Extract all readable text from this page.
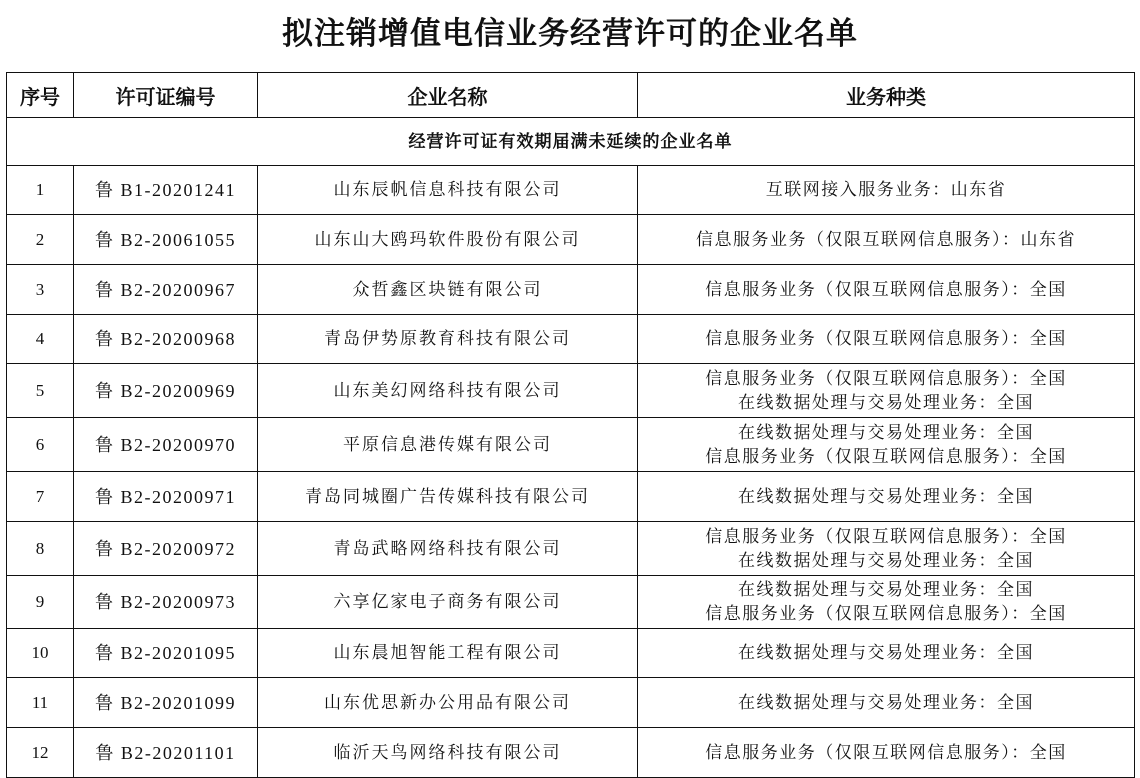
拟注销增值电信业务经营许可的企业名单
序号	许可证编号	企业名称	业务种类
经营许可证有效期届满未延续的企业名单			
1	鲁 B1-20201241	山东辰帆信息科技有限公司	互联网接入服务业务：山东省

2	鲁 B2-20061055	山东山大鸥玛软件股份有限公司	信息服务业务（仅限互联网信息服务）：山东省

3	鲁 B2-20200967	众哲鑫区块链有限公司	信息服务业务（仅限互联网信息服务）：全国

4	鲁 B2-20200968	青岛伊势原教育科技有限公司	信息服务业务（仅限互联网信息服务）：全国

5	鲁 B2-20200969	山东美幻网络科技有限公司	信息服务业务（仅限互联网信息服务）：全国
在线数据处理与交易处理业务：全国

6	鲁 B2-20200970	平原信息港传媒有限公司	在线数据处理与交易处理业务：全国
信息服务业务（仅限互联网信息服务）：全国

7	鲁 B2-20200971	青岛同城圈广告传媒科技有限公司	在线数据处理与交易处理业务：全国

8	鲁 B2-20200972	青岛武略网络科技有限公司	信息服务业务（仅限互联网信息服务）：全国
在线数据处理与交易处理业务：全国

9	鲁 B2-20200973	六享亿家电子商务有限公司	在线数据处理与交易处理业务：全国
信息服务业务（仅限互联网信息服务）：全国

10	鲁 B2-20201095	山东晨旭智能工程有限公司	在线数据处理与交易处理业务：全国

11	鲁 B2-20201099	山东优思新办公用品有限公司	在线数据处理与交易处理业务：全国

12	鲁 B2-20201101	临沂天鸟网络科技有限公司	信息服务业务（仅限互联网信息服务）：全国
